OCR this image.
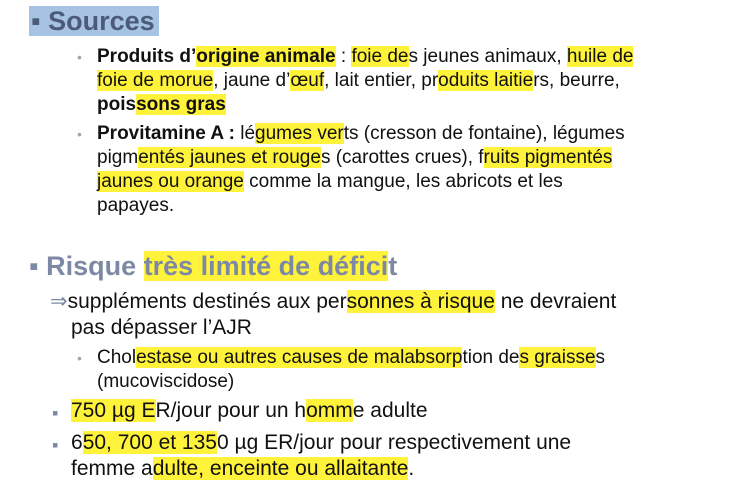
▪ Sources
• Produits d’origine animale : foie des jeunes animaux, huile de
foie de morue, jaune d’œuf, lait entier, produits laitiers, beurre,
poissons gras
• Provitamine A : légumes verts (cresson de fontaine), légumes
pigmentés jaunes et rouges (carottes crues), fruits pigmentés
jaunes ou orange comme la mangue, les abricots et les
papayes.
▪ Risque très limité de déficit
⇒suppléments destinés aux personnes à risque ne devraient
pas dépasser l’AJR
• Cholestase ou autres causes de malabsorption des graisses
(mucoviscidose)
▪ 750 µg ER/jour pour un homme adulte
▪ 650, 700 et 1350 µg ER/jour pour respectivement une
femme adulte, enceinte ou allaitante.
